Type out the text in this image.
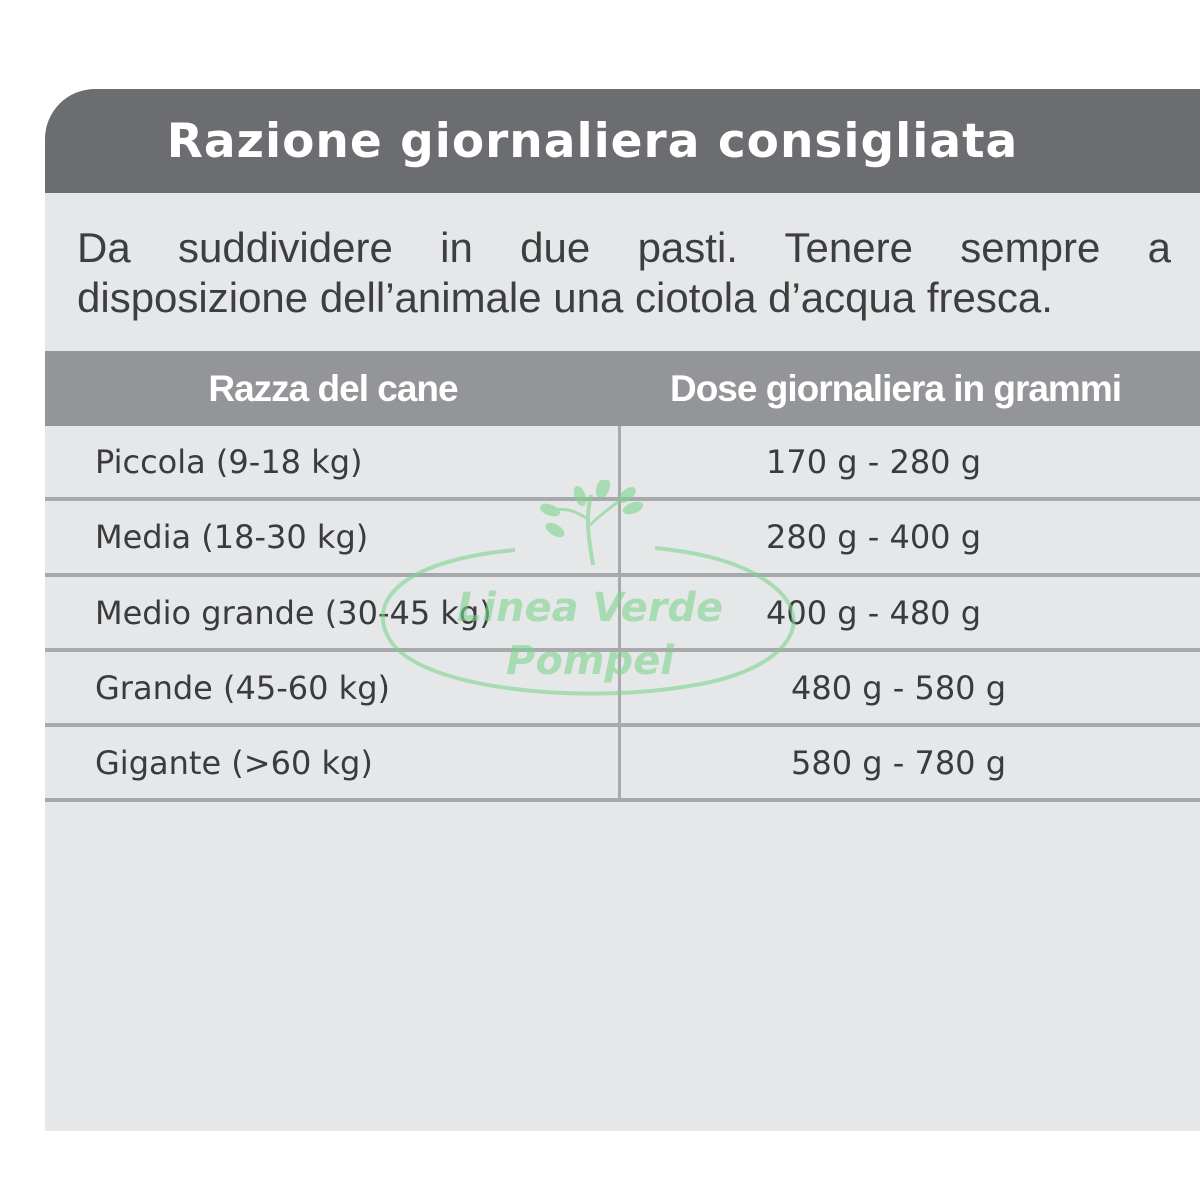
Razione giornaliera consigliata

Da suddividere in due pasti. Tenere sempre a
disposizione dell’animale una ciotola d’acqua fresca.

Razza del cane	Dose giornaliera in grammi
Piccola (9-18 kg)	170 g - 280 g
Media (18-30 kg)	280 g - 400 g
Medio grande (30-45 kg)	400 g - 480 g
Grande (45-60 kg)	480 g - 580 g
Gigante (>60 kg)	580 g - 780 g
Linea Verde
Pompei
